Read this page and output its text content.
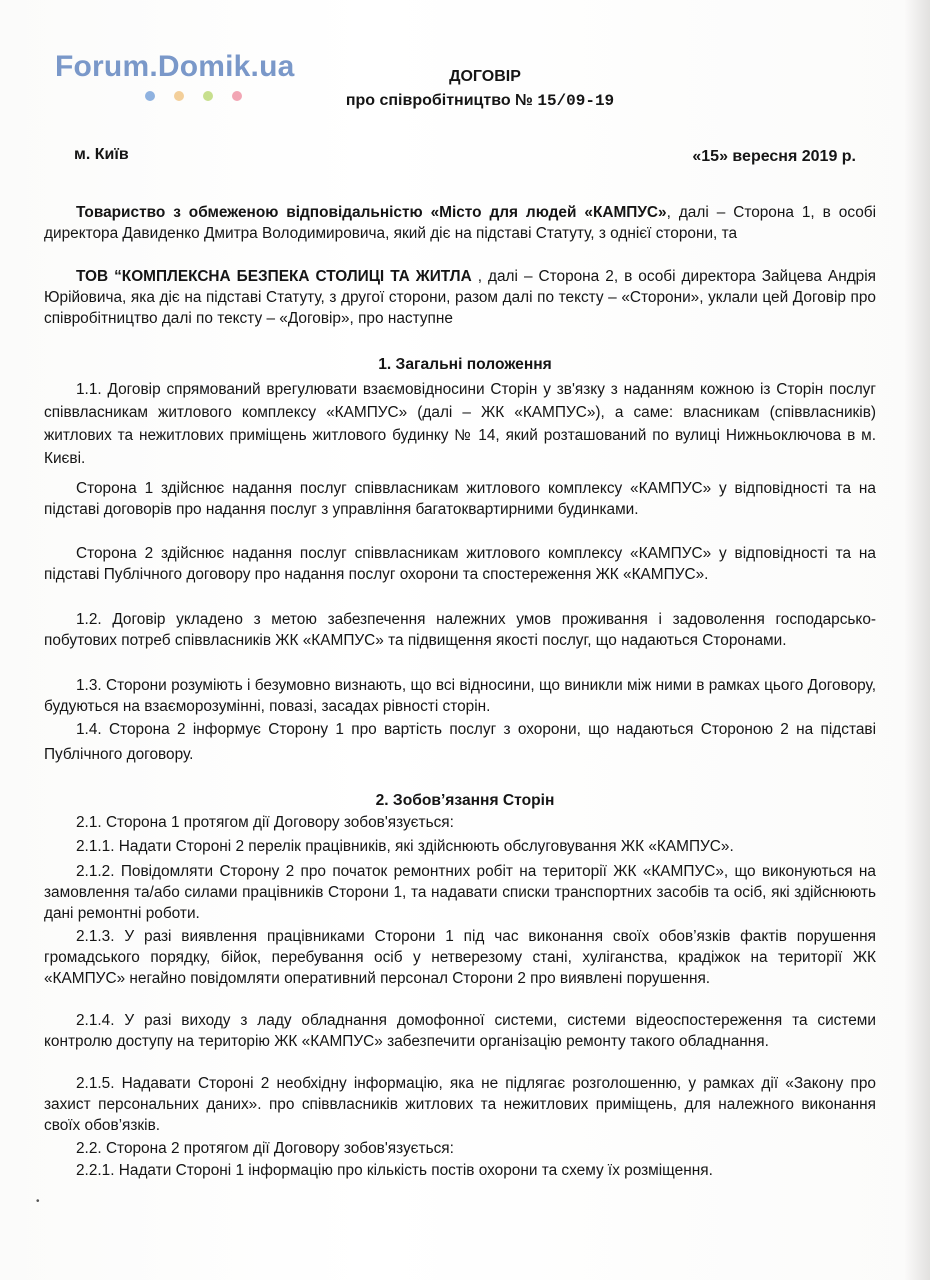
Forum.Domik.ua	ДОГОВІР
про співробітництво № 15/09-19
м. Київ	«15» вересня 2019 р.
Товариство з обмеженою відповідальністю «Місто для людей «КАМПУС», далі – Сторона 1, в особі директора Давиденко Дмитра Володимировича, який діє на підставі Статуту, з однієї сторони, та
ТОВ “КОМПЛЕКСНА БЕЗПЕКА СТОЛИЦІ ТА ЖИТЛА , далі – Сторона 2, в особі директора Зайцева Андрія Юрійовича, яка діє на підставі Статуту, з другої сторони, разом далі по тексту – «Сторони», уклали цей Договір про співробітництво далі по тексту – «Договір», про наступне
1. Загальні положення
1.1. Договір спрямований врегулювати взаємовідносини Сторін у зв'язку з наданням кожною із Сторін послуг співвласникам житлового комплексу «КАМПУС» (далі – ЖК «КАМПУС»), а саме: власникам (співвласників) житлових та нежитлових приміщень житлового будинку № 14, який розташований по вулиці Нижньоключова в м. Києві.
Сторона 1 здійснює надання послуг співвласникам житлового комплексу «КАМПУС» у відповідності та на підставі договорів про надання послуг з управління багатоквартирними будинками.
Сторона 2 здійснює надання послуг співвласникам житлового комплексу «КАМПУС» у відповідності та на підставі Публічного договору про надання послуг охорони та спостереження ЖК «КАМПУС».
1.2. Договір укладено з метою забезпечення належних умов проживання і задоволення господарсько-побутових потреб співвласників ЖК «КАМПУС» та підвищення якості послуг, що надаються Сторонами.
1.3. Сторони розуміють і безумовно визнають, що всі відносини, що виникли між ними в рамках цього Договору, будуються на взаєморозумінні, повазі, засадах рівності сторін.
1.4. Сторона 2 інформує Сторону 1 про вартість послуг з охорони, що надаються Стороною 2 на підставі Публічного договору.
2. Зобов’язання Сторін
2.1. Сторона 1 протягом дії Договору зобов'язується:
2.1.1. Надати Стороні 2 перелік працівників, які здійснюють обслуговування ЖК «КАМПУС».
2.1.2. Повідомляти Сторону 2 про початок ремонтних робіт на території ЖК «КАМПУС», що виконуються на замовлення та/або силами працівників Сторони 1, та надавати списки транспортних засобів та осіб, які здійснюють дані ремонтні роботи.
2.1.3. У разі виявлення працівниками Сторони 1 під час виконання своїх обов’язків фактів порушення громадського порядку, бійок, перебування осіб у нетверезому стані, хуліганства, крадіжок на території ЖК «КАМПУС» негайно повідомляти оперативний персонал Сторони 2 про виявлені порушення.
2.1.4. У разі виходу з ладу обладнання домофонної системи, системи відеоспостереження та системи контролю доступу на територію ЖК «КАМПУС» забезпечити організацію ремонту такого обладнання.
2.1.5. Надавати Стороні 2 необхідну інформацію, яка не підлягає розголошенню, у рамках дії «Закону про захист персональних даних». про співвласників житлових та нежитлових приміщень, для належного виконання своїх обов’язків.
2.2. Сторона 2 протягом дії Договору зобов'язується:
2.2.1. Надати Стороні 1 інформацію про кількість постів охорони та схему їх розміщення.
•
